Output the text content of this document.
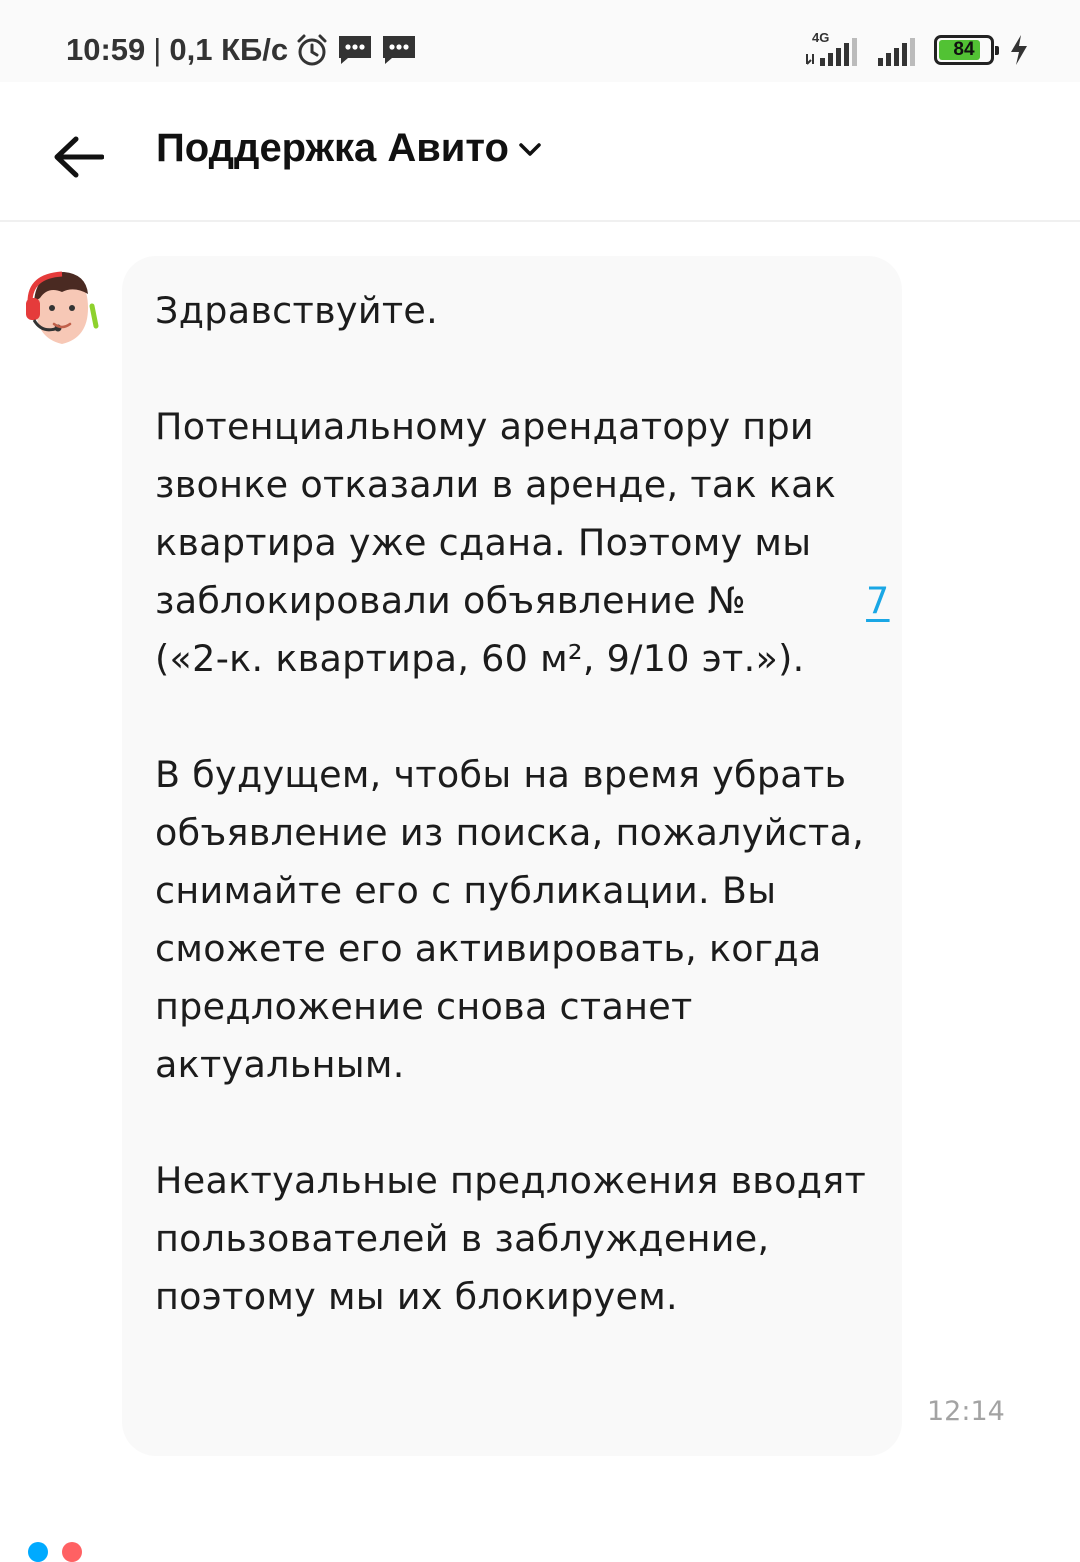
10:59 | 0,1 КБ/с	4G
84
Поддержка Авито
Здравствуйте.
Потенциальному арендатору при звонке отказали в аренде, так как квартира уже сдана. Поэтому мы заблокировали объявление №	7 («2-к. квартира, 60 м², 9/10 эт.»).
В будущем, чтобы на время убрать объявление из поиска, пожалуйста, снимайте его с публикации. Вы сможете его активировать, когда предложение снова станет актуальным.
Неактуальные предложения вводят пользователей в заблуждение, поэтому мы их блокируем.
12:14
